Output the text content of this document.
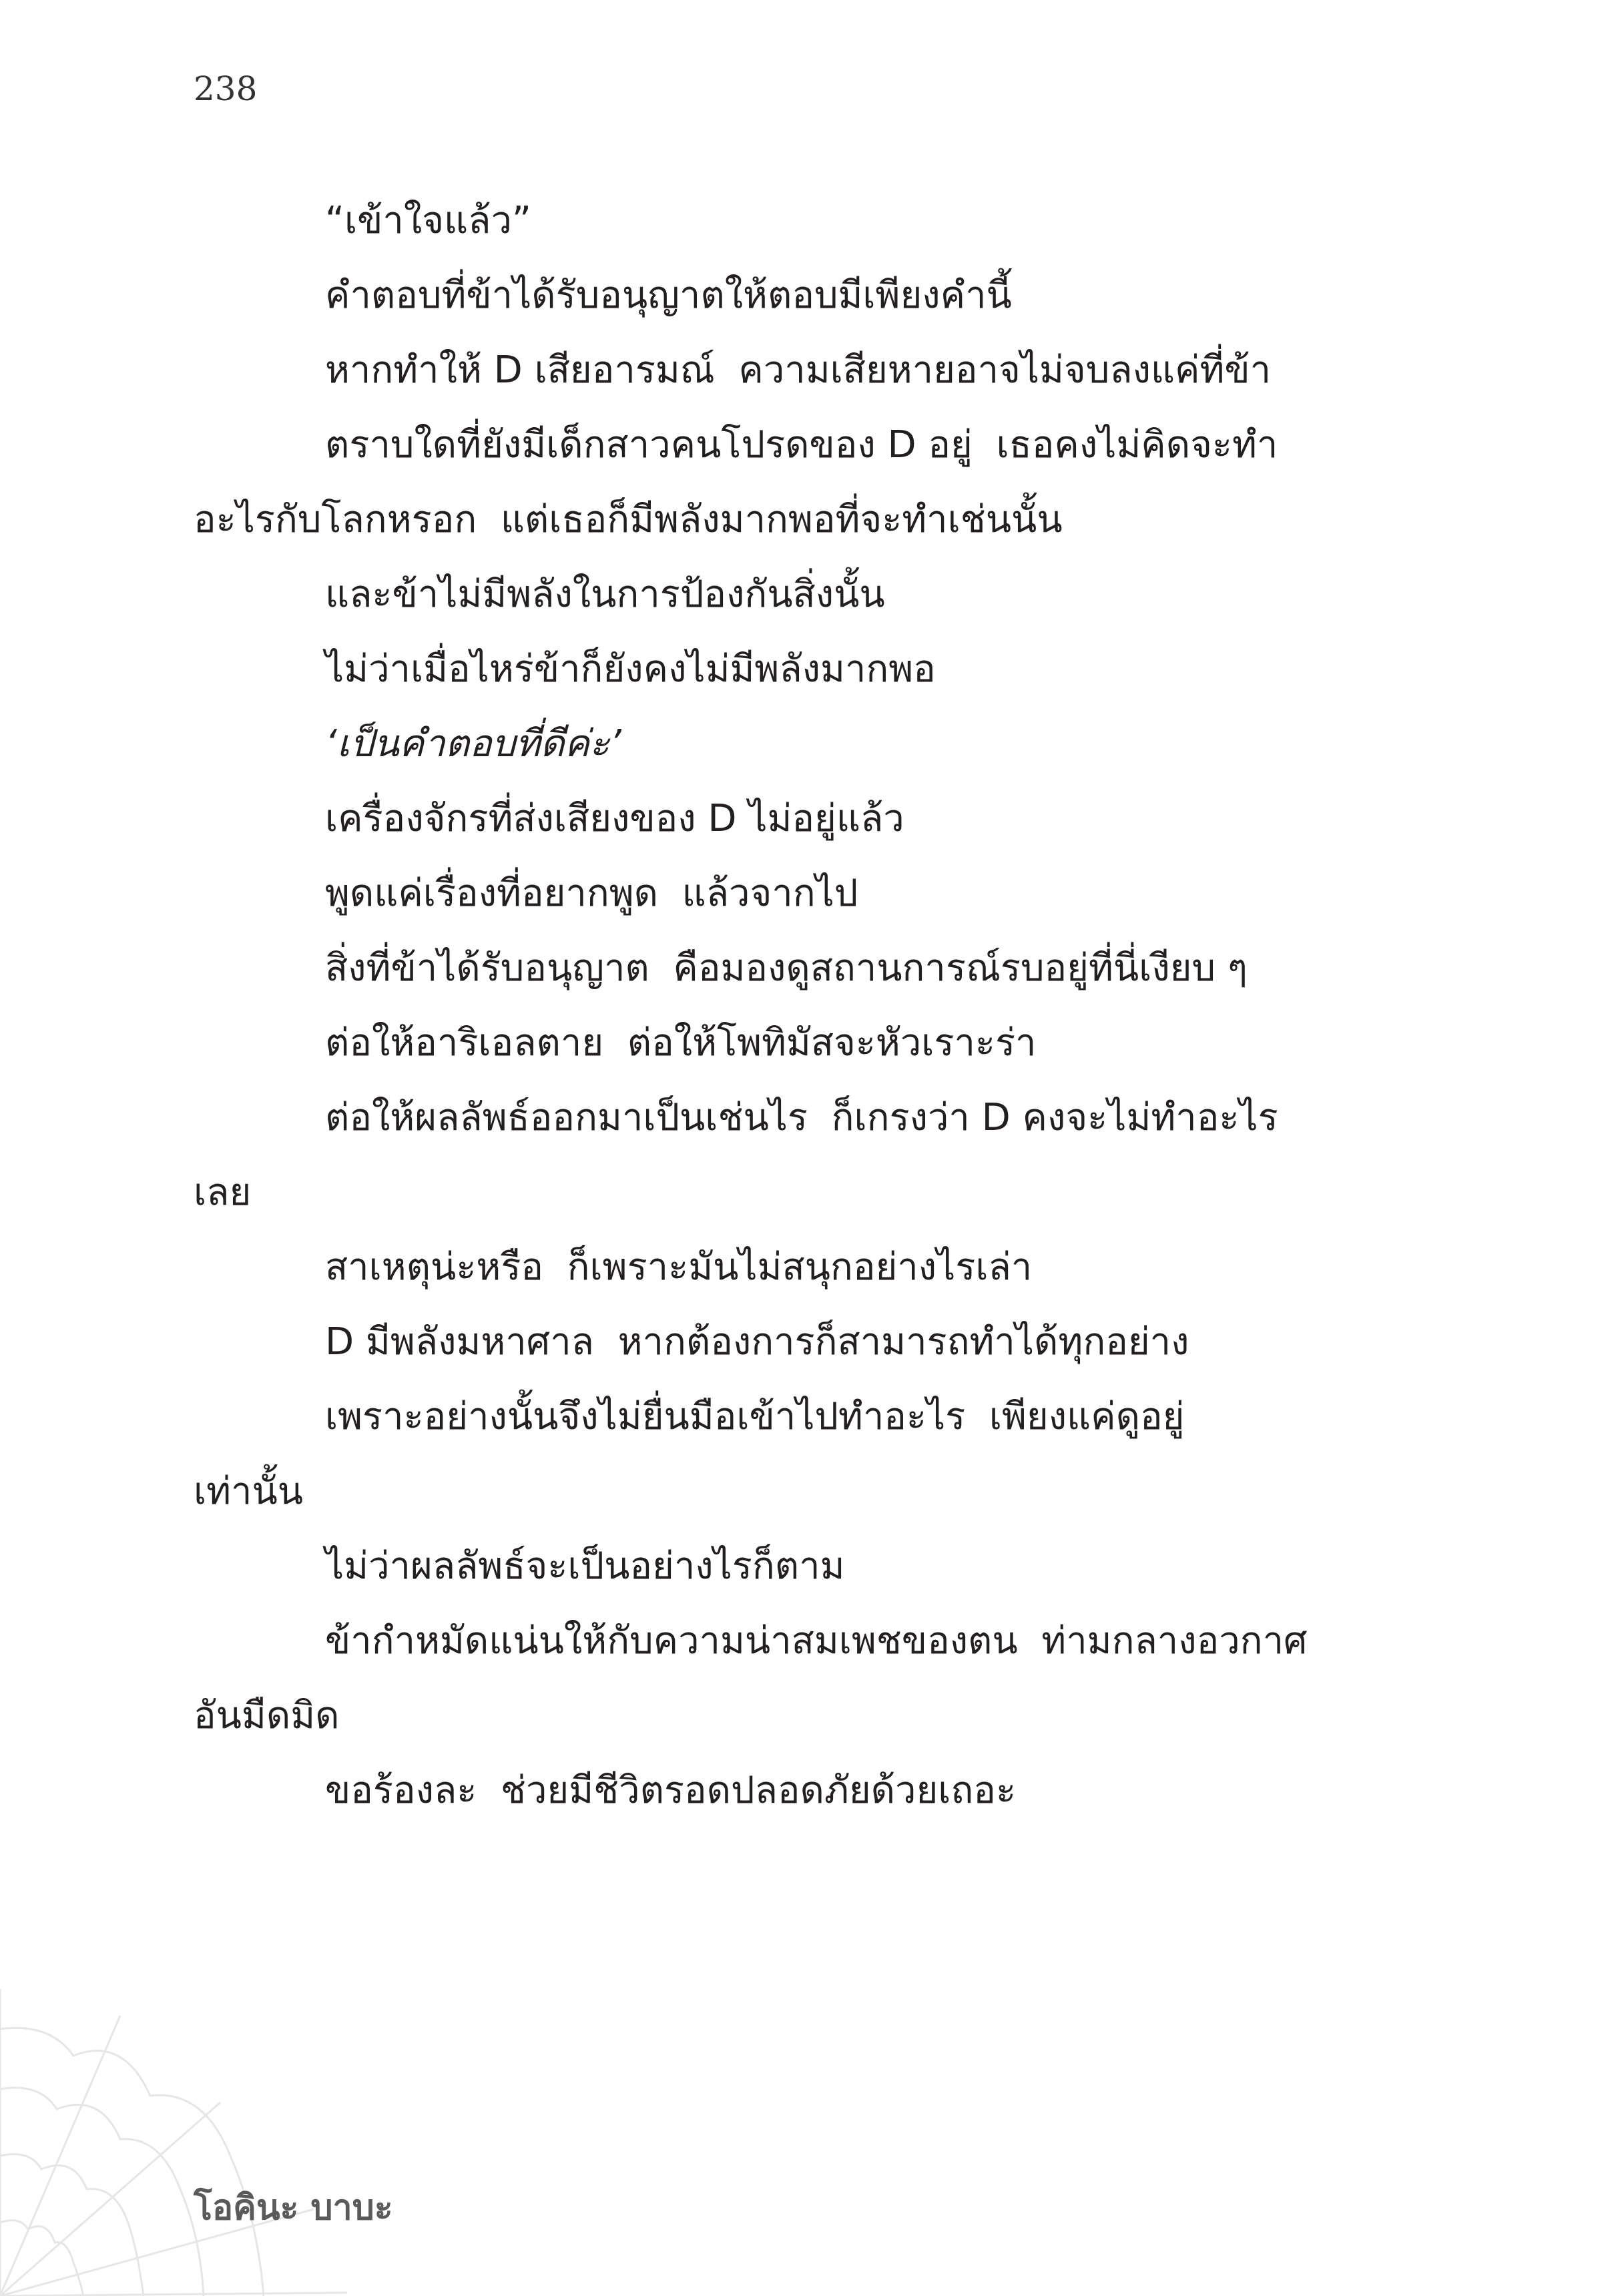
238
“เข้าใจแล้ว”
คำตอบที่ข้าได้รับอนุญาตให้ตอบมีเพียงคำนี้
หากทำให้ D เสียอารมณ์  ความเสียหายอาจไม่จบลงแค่ที่ข้า
ตราบใดที่ยังมีเด็กสาวคนโปรดของ D อยู่  เธอคงไม่คิดจะทำ
อะไรกับโลกหรอก  แต่เธอก็มีพลังมากพอที่จะทำเช่นนั้น
และข้าไม่มีพลังในการป้องกันสิ่งนั้น
ไม่ว่าเมื่อไหร่ข้าก็ยังคงไม่มีพลังมากพอ
‘เป็นคำตอบที่ดีค่ะ’
เครื่องจักรที่ส่งเสียงของ D ไม่อยู่แล้ว
พูดแค่เรื่องที่อยากพูด  แล้วจากไป
สิ่งที่ข้าได้รับอนุญาต  คือมองดูสถานการณ์รบอยู่ที่นี่เงียบ ๆ
ต่อให้อาริเอลตาย  ต่อให้โพทิมัสจะหัวเราะร่า
ต่อให้ผลลัพธ์ออกมาเป็นเช่นไร  ก็เกรงว่า D คงจะไม่ทำอะไร
เลย
สาเหตุน่ะหรือ  ก็เพราะมันไม่สนุกอย่างไรเล่า
D มีพลังมหาศาล  หากต้องการก็สามารถทำได้ทุกอย่าง
เพราะอย่างนั้นจึงไม่ยื่นมือเข้าไปทำอะไร  เพียงแค่ดูอยู่
เท่านั้น
ไม่ว่าผลลัพธ์จะเป็นอย่างไรก็ตาม
ข้ากำหมัดแน่นให้กับความน่าสมเพชของตน  ท่ามกลางอวกาศ
อันมืดมิด
ขอร้องละ  ช่วยมีชีวิตรอดปลอดภัยด้วยเถอะ
โอคินะ บาบะ
